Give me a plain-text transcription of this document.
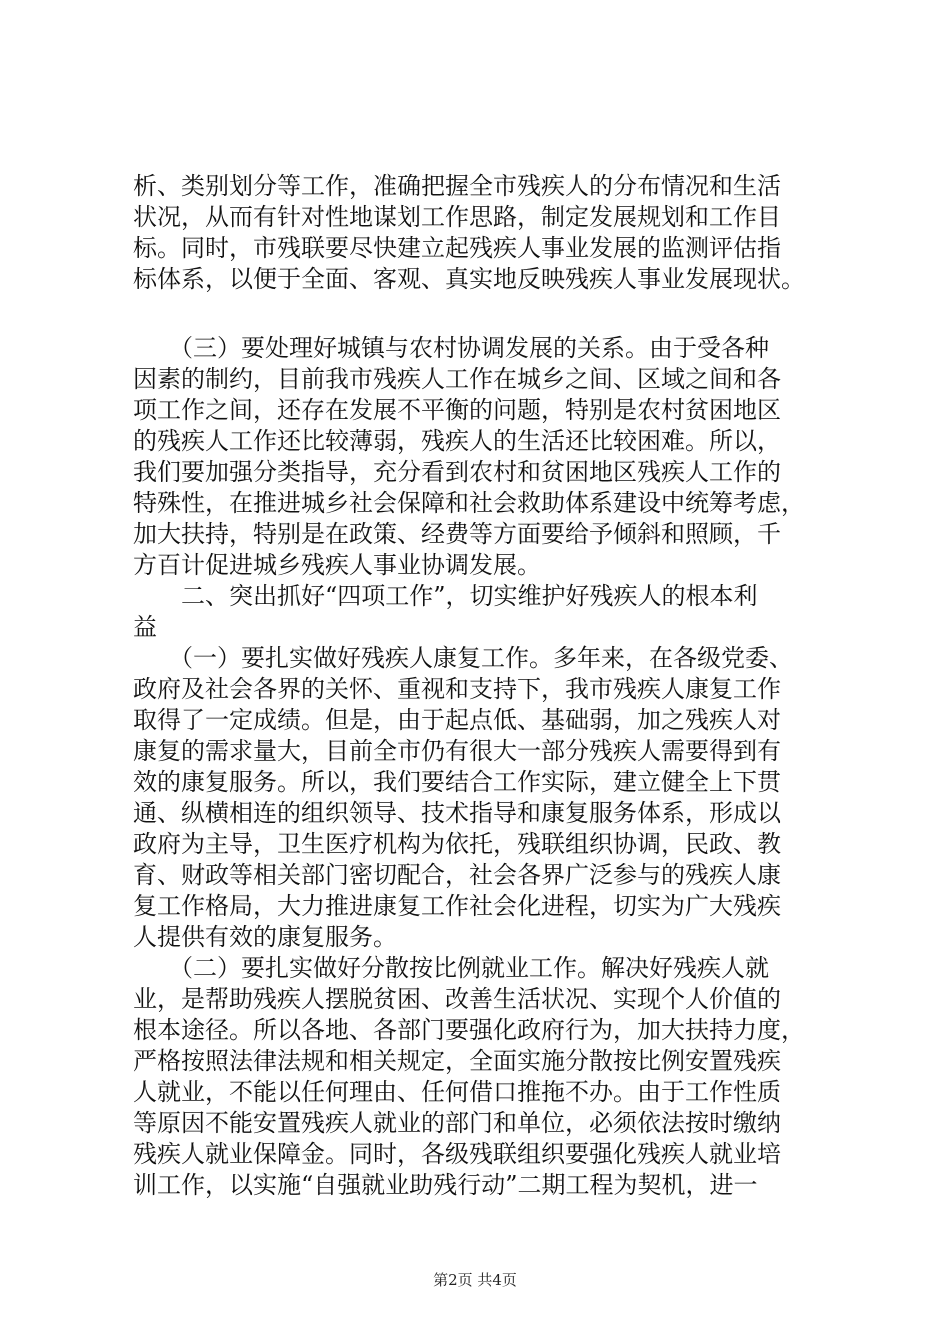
析、类别划分等工作，准确把握全市残疾人的分布情况和生活
状况，从而有针对性地谋划工作思路，制定发展规划和工作目
标。同时，市残联要尽快建立起残疾人事业发展的监测评估指
标体系，以便于全面、客观、真实地反映残疾人事业发展现状。
　　（三）要处理好城镇与农村协调发展的关系。由于受各种
因素的制约，目前我市残疾人工作在城乡之间、区域之间和各
项工作之间，还存在发展不平衡的问题，特别是农村贫困地区
的残疾人工作还比较薄弱，残疾人的生活还比较困难。所以，
我们要加强分类指导，充分看到农村和贫困地区残疾人工作的
特殊性，在推进城乡社会保障和社会救助体系建设中统筹考虑，
加大扶持，特别是在政策、经费等方面要给予倾斜和照顾，千
方百计促进城乡残疾人事业协调发展。
　　二、突出抓好“四项工作”，切实维护好残疾人的根本利
益
　　（一）要扎实做好残疾人康复工作。多年来，在各级党委、
政府及社会各界的关怀、重视和支持下，我市残疾人康复工作
取得了一定成绩。但是，由于起点低、基础弱，加之残疾人对
康复的需求量大，目前全市仍有很大一部分残疾人需要得到有
效的康复服务。所以，我们要结合工作实际，建立健全上下贯
通、纵横相连的组织领导、技术指导和康复服务体系，形成以
政府为主导，卫生医疗机构为依托，残联组织协调，民政、教
育、财政等相关部门密切配合，社会各界广泛参与的残疾人康
复工作格局，大力推进康复工作社会化进程，切实为广大残疾
人提供有效的康复服务。
　　（二）要扎实做好分散按比例就业工作。解决好残疾人就
业，是帮助残疾人摆脱贫困、改善生活状况、实现个人价值的
根本途径。所以各地、各部门要强化政府行为，加大扶持力度，
严格按照法律法规和相关规定，全面实施分散按比例安置残疾
人就业，不能以任何理由、任何借口推拖不办。由于工作性质
等原因不能安置残疾人就业的部门和单位，必须依法按时缴纳
残疾人就业保障金。同时，各级残联组织要强化残疾人就业培
训工作，以实施“自强就业助残行动”二期工程为契机，进一
第2页 共4页
